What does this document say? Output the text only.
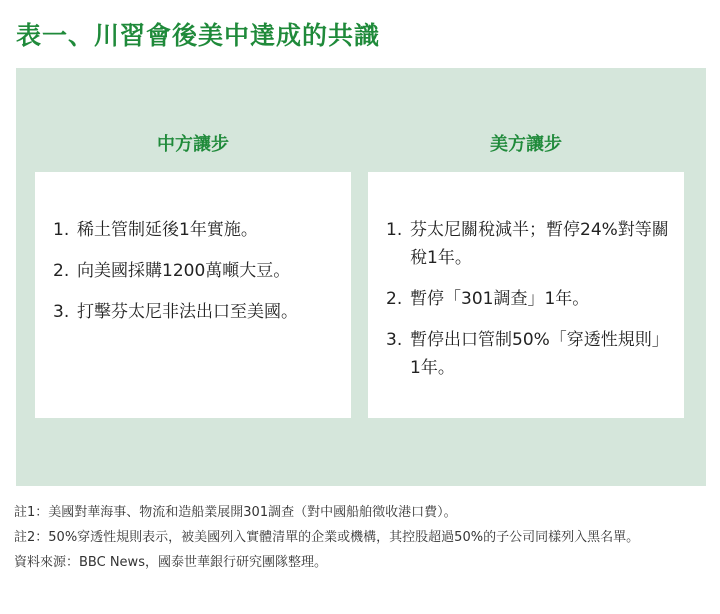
表一、川習會後美中達成的共識
中方讓步	美方讓步
1. 稀土管制延後1年實施。
2. 向美國採購1200萬噸大豆。
3. 打擊芬太尼非法出口至美國。
1. 芬太尼關稅減半；暫停24%對等關稅1年。
2. 暫停「301調查」1年。
3. 暫停出口管制50%「穿透性規則」1年。
註1： 美國對華海事、物流和造船業展開301調查（對中國船舶徵收港口費）。
註2： 50%穿透性規則表示，被美國列入實體清單的企業或機構，其控股超過50%的子公司同樣列入黑名單。
資料來源： BBC News，國泰世華銀行研究團隊整理。
